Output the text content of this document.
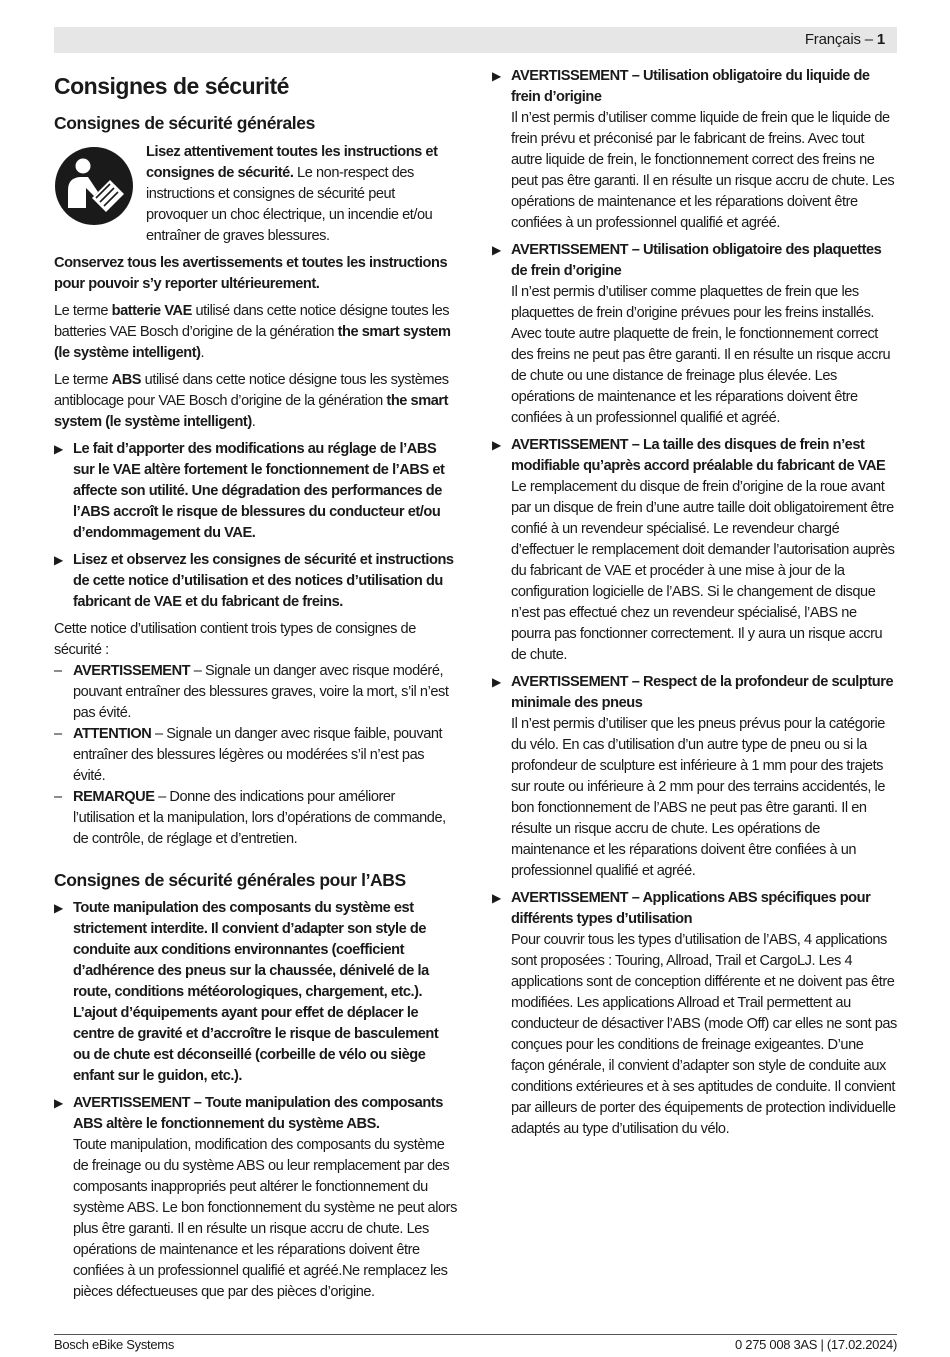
Français – 1
Consignes de sécurité
Consignes de sécurité générales

Lisez attentivement toutes les instructions et consignes de sécurité. Le non-respect des instructions et consignes de sécurité peut provoquer un choc électrique, un incendie et/ou entraîner de graves blessures.

Conservez tous les avertissements et toutes les instructions pour pouvoir s’y reporter ultérieurement.

Le terme batterie VAE utilisé dans cette notice désigne toutes les batteries VAE Bosch d’origine de la génération the smart system (le système intelligent).

Le terme ABS utilisé dans cette notice désigne tous les systèmes antiblocage pour VAE Bosch d’origine de la génération the smart system (le système intelligent).

▶ Le fait d’apporter des modifications au réglage de l’ABS sur le VAE altère fortement le fonctionnement de l’ABS et affecte son utilité. Une dégradation des performances de l’ABS accroît le risque de blessures du conducteur et/ou d’endommagement du VAE.
▶ Lisez et observez les consignes de sécurité et instructions de cette notice d’utilisation et des notices d’utilisation du fabricant de VAE et du fabricant de freins.

Cette notice d’utilisation contient trois types de consignes de sécurité :

– AVERTISSEMENT – Signale un danger avec risque modéré, pouvant entraîner des blessures graves, voire la mort, s’il n’est pas évité.
– ATTENTION – Signale un danger avec risque faible, pouvant entraîner des blessures légères ou modérées s’il n’est pas évité.
– REMARQUE – Donne des indications pour améliorer l’utilisation et la manipulation, lors d’opérations de commande, de contrôle, de réglage et d’entretien.
Consignes de sécurité générales pour l’ABS
▶ Toute manipulation des composants du système est strictement interdite. Il convient d’adapter son style de conduite aux conditions environnantes (coefficient d’adhérence des pneus sur la chaussée, dénivelé de la route, conditions météorologiques, chargement, etc.). L’ajout d’équipements ayant pour effet de déplacer le centre de gravité et d’accroître le risque de basculement ou de chute est déconseillé (corbeille de vélo ou siège enfant sur le guidon, etc.).
▶ AVERTISSEMENT – Toute manipulation des composants ABS altère le fonctionnement du système ABS.
Toute manipulation, modification des composants du système de freinage ou du système ABS ou leur remplacement par des composants inappropriés peut altérer le fonctionnement du système ABS. Le bon fonctionnement du système ne peut alors plus être garanti. Il en résulte un risque accru de chute. Les opérations de maintenance et les réparations doivent être confiées à un professionnel qualifié et agréé.Ne remplacez les pièces défectueuses que par des pièces d’origine.
Bosch eBike Systems	0 275 008 3AS | (17.02.2024)
▶ AVERTISSEMENT – Utilisation obligatoire du liquide de frein d’origine
Il n’est permis d’utiliser comme liquide de frein que le liquide de frein prévu et préconisé par le fabricant de freins. Avec tout autre liquide de frein, le fonctionnement correct des freins ne peut pas être garanti. Il en résulte un risque accru de chute. Les opérations de maintenance et les réparations doivent être confiées à un professionnel qualifié et agréé.
▶ AVERTISSEMENT – Utilisation obligatoire des plaquettes de frein d’origine
Il n’est permis d’utiliser comme plaquettes de frein que les plaquettes de frein d’origine prévues pour les freins installés. Avec toute autre plaquette de frein, le fonctionnement correct des freins ne peut pas être garanti. Il en résulte un risque accru de chute ou une distance de freinage plus élevée. Les opérations de maintenance et les réparations doivent être confiées à un professionnel qualifié et agréé.
▶ AVERTISSEMENT – La taille des disques de frein n’est modifiable qu’après accord préalable du fabricant de VAE
Le remplacement du disque de frein d’origine de la roue avant par un disque de frein d’une autre taille doit obligatoirement être confié à un revendeur spécialisé. Le revendeur chargé d’effectuer le remplacement doit demander l’autorisation auprès du fabricant de VAE et procéder à une mise à jour de la configuration logicielle de l’ABS. Si le changement de disque n’est pas effectué chez un revendeur spécialisé, l’ABS ne pourra pas fonctionner correctement. Il y aura un risque accru de chute.
▶ AVERTISSEMENT – Respect de la profondeur de sculpture minimale des pneus
Il n’est permis d’utiliser que les pneus prévus pour la catégorie du vélo. En cas d’utilisation d’un autre type de pneu ou si la profondeur de sculpture est inférieure à 1 mm pour des trajets sur route ou inférieure à 2 mm pour des terrains accidentés, le bon fonctionnement de l’ABS ne peut pas être garanti. Il en résulte un risque accru de chute. Les opérations de maintenance et les réparations doivent être confiées à un professionnel qualifié et agréé.
▶ AVERTISSEMENT – Applications ABS spécifiques pour différents types d’utilisation
Pour couvrir tous les types d’utilisation de l’ABS, 4 applications sont proposées : Touring, Allroad, Trail et CargoLJ. Les 4 applications sont de conception différente et ne doivent pas être modifiées. Les applications Allroad et Trail permettent au conducteur de désactiver l’ABS (mode Off) car elles ne sont pas conçues pour les conditions de freinage exigeantes. D’une façon générale, il convient d’adapter son style de conduite aux conditions extérieures et à ses aptitudes de conduite. Il convient par ailleurs de porter des équipements de protection individuelle adaptés au type d’utilisation du vélo.
